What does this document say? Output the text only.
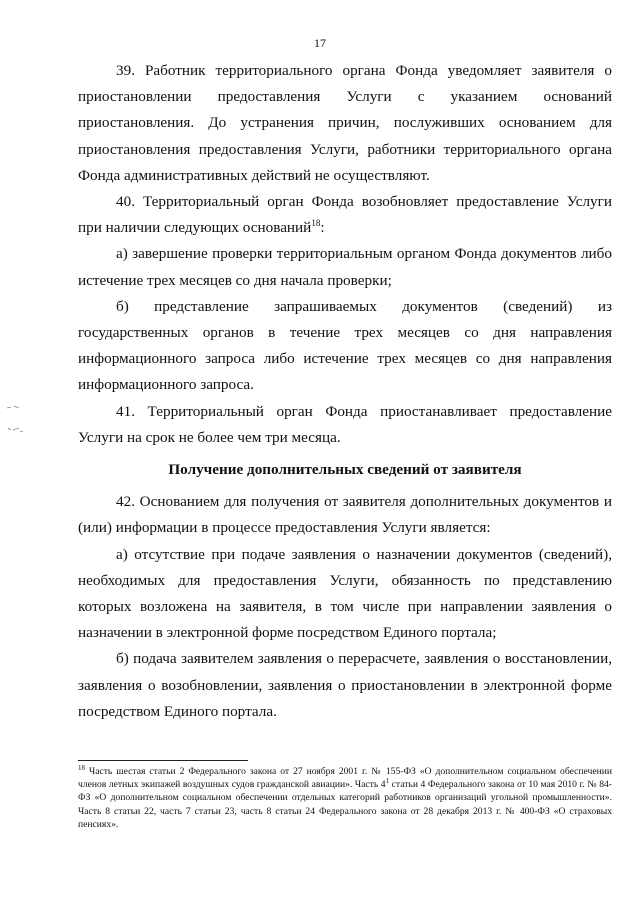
17

39. Работник территориального органа Фонда уведомляет заявителя о приостановлении предоставления Услуги с указанием оснований приостановления. До устранения причин, послуживших основанием для приостановления предоставления Услуги, работники территориального органа Фонда административных действий не осуществляют.

40. Территориальный орган Фонда возобновляет предоставление Услуги при наличии следующих оснований$^{18}$:

а) завершение проверки территориальным органом Фонда документов либо истечение трех месяцев со дня начала проверки;

б) представление запрашиваемых документов (сведений) из государственных органов в течение трех месяцев со дня направления информационного запроса либо истечение трех месяцев со дня направления информационного запроса.

41. Территориальный орган Фонда приостанавливает предоставление Услуги на срок не более чем три месяца.

Получение дополнительных сведений от заявителя

42. Основанием для получения от заявителя дополнительных документов и (или) информации в процессе предоставления Услуги является:

а) отсутствие при подаче заявления о назначении документов (сведений), необходимых для предоставления Услуги, обязанность по представлению которых возложена на заявителя, в том числе при направлении заявления о назначении в электронной форме посредством Единого портала;

б) подача заявителем заявления о перерасчете, заявления о восстановлении, заявления о возобновлении, заявления о приостановлении в электронной форме посредством Единого портала.

$^{18}$ Часть шестая статьи 2 Федерального закона от 27 ноября 2001 г. № 155-ФЗ «О дополнительном социальном обеспечении членов летных экипажей воздушных судов гражданской авиации». Часть $4^1$ статьи 4 Федерального закона от 10 мая 2010 г. № 84-ФЗ «О дополнительном социальном обеспечении отдельных категорий работников организаций угольной промышленности». Часть 8 статьи 22, часть 7 статьи 23, часть 8 статьи 24 Федерального закона от 28 декабря 2013 г. № 400-ФЗ «О страховых пенсиях».
